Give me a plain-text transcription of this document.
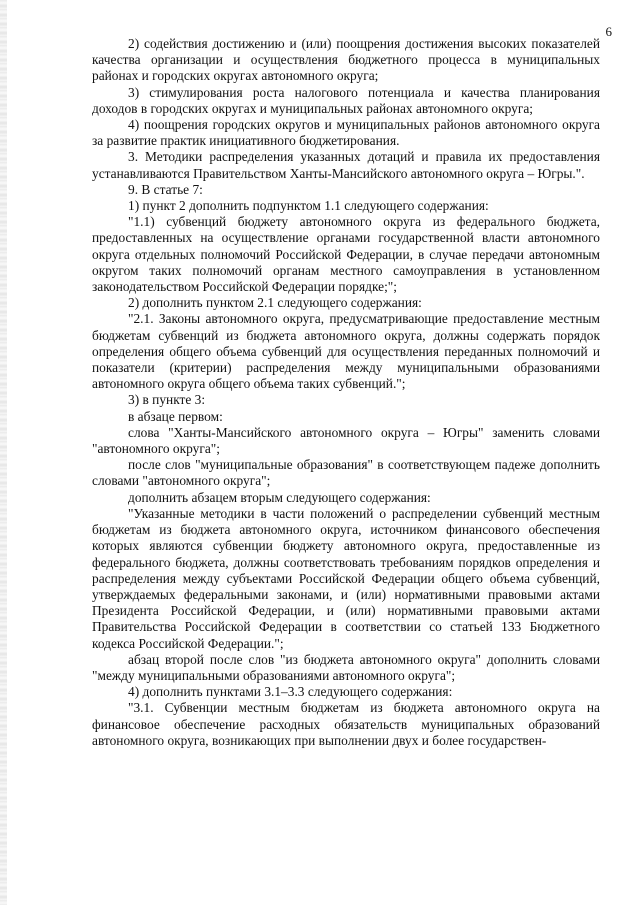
6

2) содействия достижению и (или) поощрения достижения высоких показателей качества организации и осуществления бюджетного процесса в муниципальных районах и городских округах автономного округа;

3) стимулирования роста налогового потенциала и качества планирования доходов в городских округах и муниципальных районах автономного округа;

4) поощрения городских округов и муниципальных районов автономного округа за развитие практик инициативного бюджетирования.

3. Методики распределения указанных дотаций и правила их предоставления устанавливаются Правительством Ханты-Мансийского автономного округа – Югры.".

9. В статье 7:

1) пункт 2 дополнить подпунктом 1.1 следующего содержания:

"1.1) субвенций бюджету автономного округа из федерального бюджета, предоставленных на осуществление органами государственной власти автономного округа отдельных полномочий Российской Федерации, в случае передачи автономным округом таких полномочий органам местного самоуправления в установленном законодательством Российской Федерации порядке;";

2) дополнить пунктом 2.1 следующего содержания:

"2.1. Законы автономного округа, предусматривающие предоставление местным бюджетам субвенций из бюджета автономного округа, должны содержать порядок определения общего объема субвенций для осуществления переданных полномочий и показатели (критерии) распределения между муниципальными образованиями автономного округа общего объема таких субвенций.";

3) в пункте 3:

в абзаце первом:

слова "Ханты-Мансийского автономного округа – Югры" заменить словами "автономного округа";

после слов "муниципальные образования" в соответствующем падеже дополнить словами "автономного округа";

дополнить абзацем вторым следующего содержания:

"Указанные методики в части положений о распределении субвенций местным бюджетам из бюджета автономного округа, источником финансового обеспечения которых являются субвенции бюджету автономного округа, предоставленные из федерального бюджета, должны соответствовать требованиям порядков определения и распределения между субъектами Российской Федерации общего объема субвенций, утверждаемых федеральными законами, и (или) нормативными правовыми актами Президента Российской Федерации, и (или) нормативными правовыми актами Правительства Российской Федерации в соответствии со статьей 133 Бюджетного кодекса Российской Федерации.";

абзац второй после слов "из бюджета автономного округа" дополнить словами "между муниципальными образованиями автономного округа";

4) дополнить пунктами 3.1–3.3 следующего содержания:

"3.1. Субвенции местным бюджетам из бюджета автономного округа на финансовое обеспечение расходных обязательств муниципальных образований автономного округа, возникающих при выполнении двух и более государствен-
